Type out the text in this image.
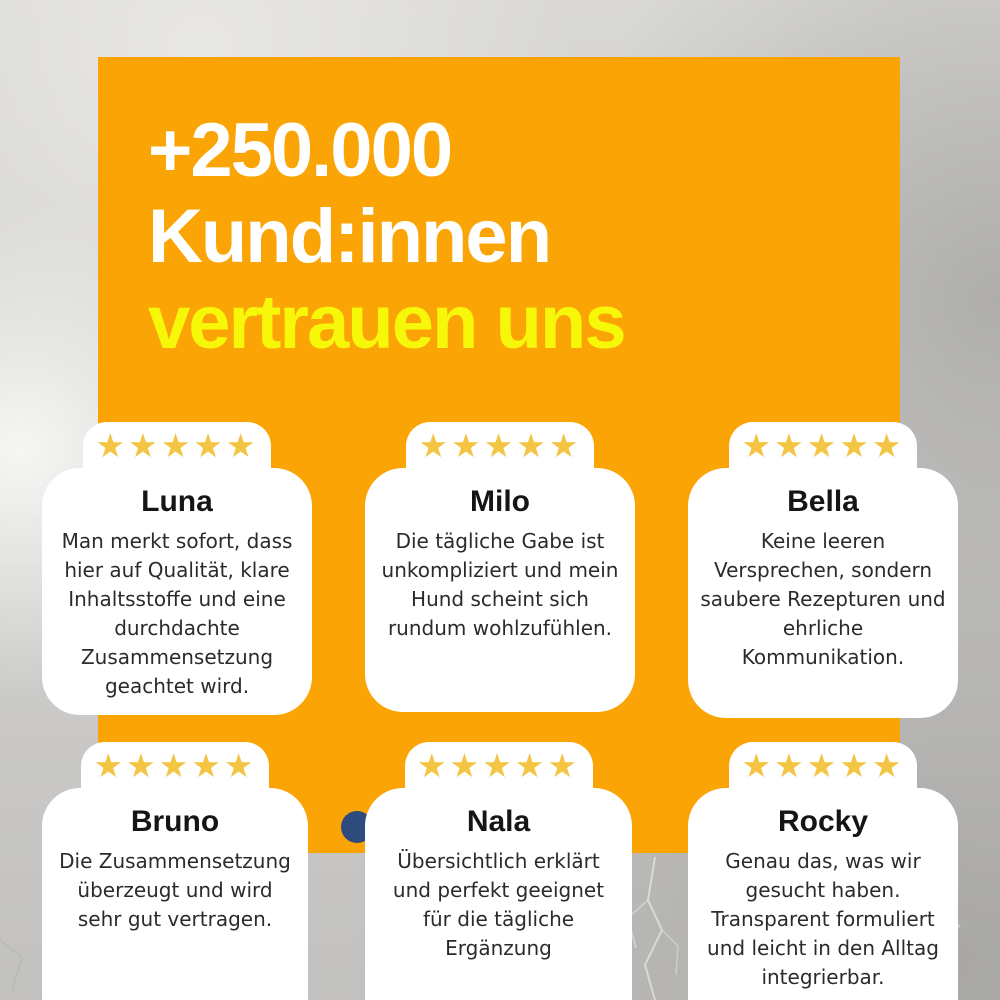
+250.000
Kund:innen
vertrauen uns
★★★★★
Luna
Man merkt sofort, dass hier auf Qualität, klare Inhaltsstoffe und eine durchdachte Zusammensetzung geachtet wird.
★★★★★
Milo
Die tägliche Gabe ist unkompliziert und mein Hund scheint sich rundum wohlzufühlen.
★★★★★
Bella
Keine leeren Versprechen, sondern saubere Rezepturen und ehrliche Kommunikation.
★★★★★
Bruno
Die Zusammensetzung überzeugt und wird sehr gut vertragen.
★★★★★
Nala
Übersichtlich erklärt und perfekt geeignet für die tägliche Ergänzung
★★★★★
Rocky
Genau das, was wir gesucht haben. Transparent formuliert und leicht in den Alltag integrierbar.
